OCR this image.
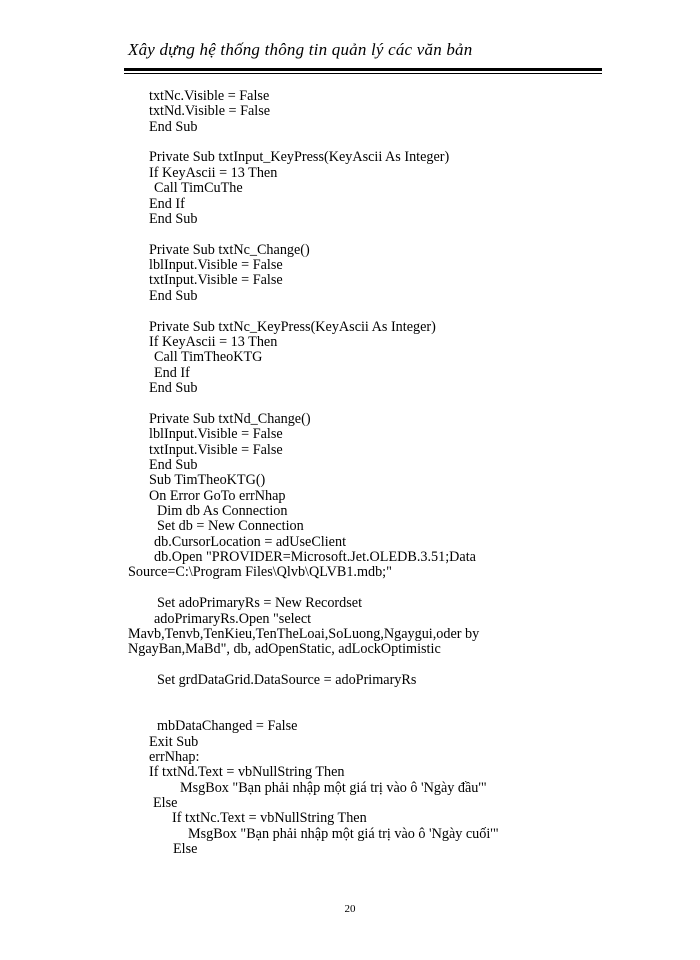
Xây dựng hệ thống thông tin quản lý các văn bản
txtNc.Visible = False
txtNd.Visible = False
End Sub
Private Sub txtInput_KeyPress(KeyAscii As Integer)
If KeyAscii = 13 Then
Call TimCuThe
End If
End Sub
Private Sub txtNc_Change()
lblInput.Visible = False
txtInput.Visible = False
End Sub
Private Sub txtNc_KeyPress(KeyAscii As Integer)
If KeyAscii = 13 Then
Call TimTheoKTG
End If
End Sub
Private Sub txtNd_Change()
lblInput.Visible = False
txtInput.Visible = False
End Sub
Sub TimTheoKTG()
On Error GoTo errNhap
Dim db As Connection
Set db = New Connection
db.CursorLocation = adUseClient
db.Open "PROVIDER=Microsoft.Jet.OLEDB.3.51;Data
Source=C:\Program Files\Qlvb\QLVB1.mdb;"
Set adoPrimaryRs = New Recordset
adoPrimaryRs.Open "select
Mavb,Tenvb,TenKieu,TenTheLoai,SoLuong,Ngaygui,oder by
NgayBan,MaBd", db, adOpenStatic, adLockOptimistic
Set grdDataGrid.DataSource = adoPrimaryRs
mbDataChanged = False
Exit Sub
errNhap:
If txtNd.Text = vbNullString Then
MsgBox "Bạn phải nhập một giá trị vào ô 'Ngày đầu'"
Else
If txtNc.Text = vbNullString Then
MsgBox "Bạn phải nhập một giá trị vào ô 'Ngày cuối'"
Else
20
